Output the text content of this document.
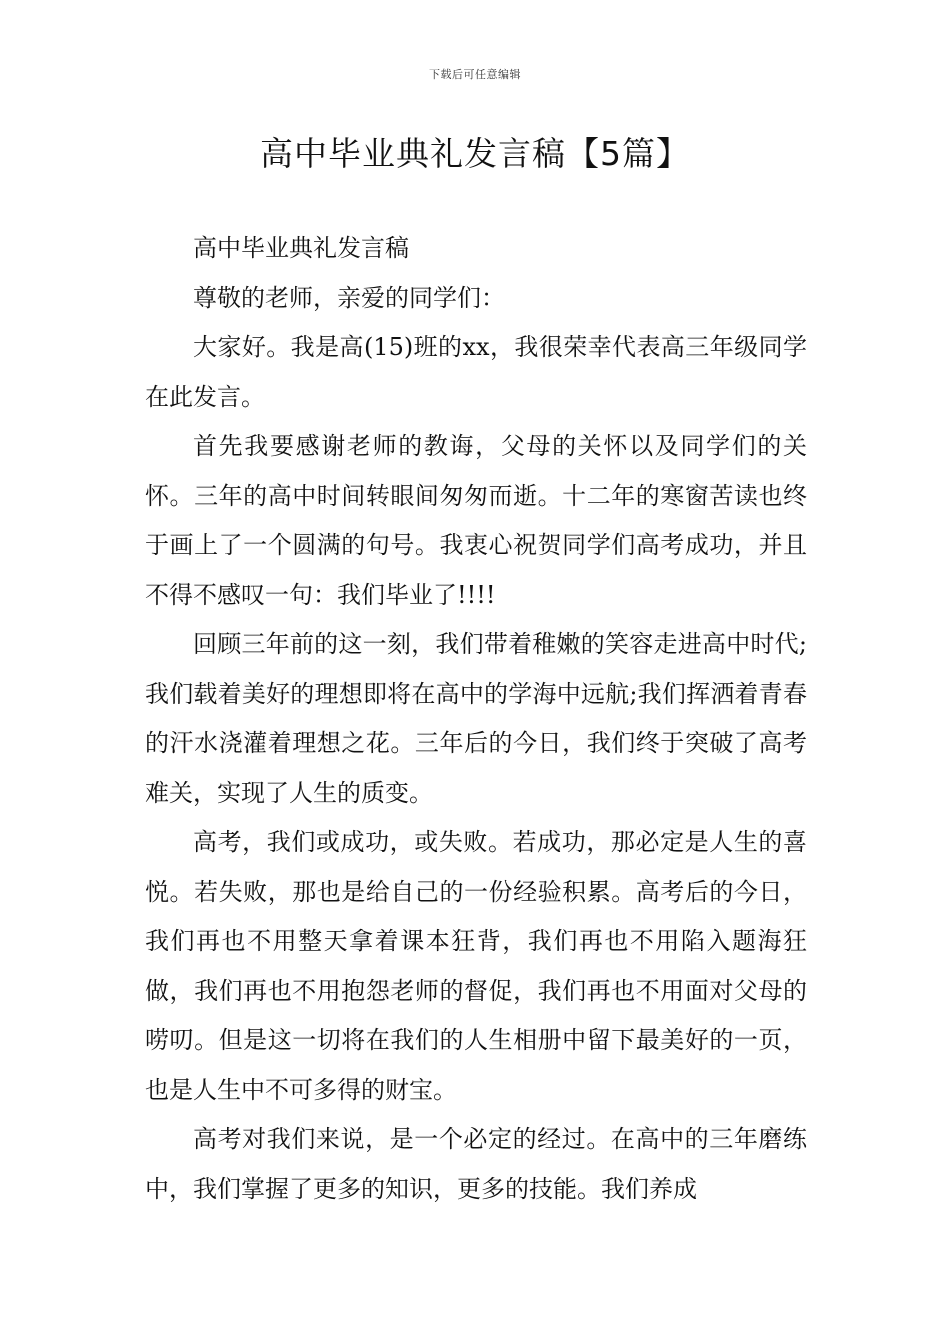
下载后可任意编辑
高中毕业典礼发言稿【5篇】

高中毕业典礼发言稿

尊敬的老师，亲爱的同学们：

大家好。我是高(15)班的xx，我很荣幸代表高三年级同学在此发言。

首先我要感谢老师的教诲，父母的关怀以及同学们的关怀。三年的高中时间转眼间匆匆而逝。十二年的寒窗苦读也终于画上了一个圆满的句号。我衷心祝贺同学们高考成功，并且不得不感叹一句：我们毕业了!!!!

回顾三年前的这一刻，我们带着稚嫩的笑容走进高中时代;我们载着美好的理想即将在高中的学海中远航;我们挥洒着青春的汗水浇灌着理想之花。三年后的今日，我们终于突破了高考难关，实现了人生的质变。

高考，我们或成功，或失败。若成功，那必定是人生的喜悦。若失败，那也是给自己的一份经验积累。高考后的今日，我们再也不用整天拿着课本狂背，我们再也不用陷入题海狂做，我们再也不用抱怨老师的督促，我们再也不用面对父母的唠叨。但是这一切将在我们的人生相册中留下最美好的一页，也是人生中不可多得的财宝。

高考对我们来说，是一个必定的经过。在高中的三年磨练中，我们掌握了更多的知识，更多的技能。我们养成
